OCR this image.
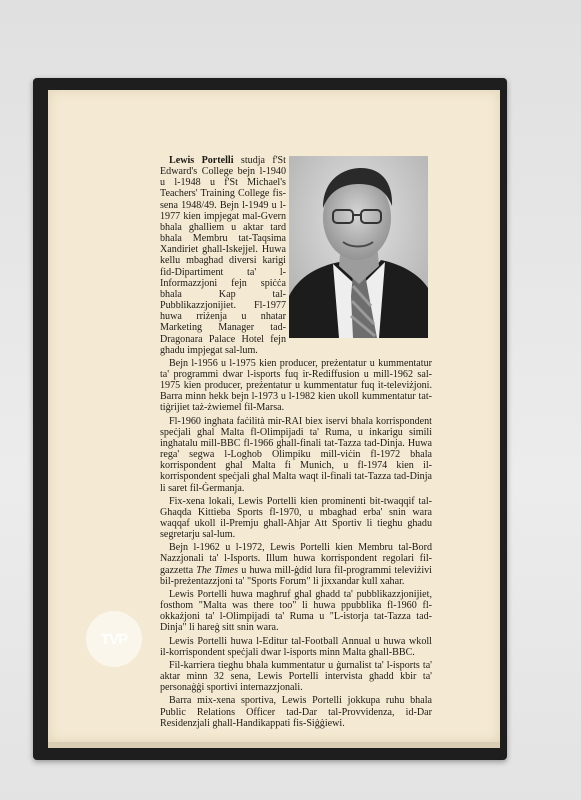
Lewis Portelli studja f'St Edward's College bejn l-1940 u l-1948 u f'St Michael's Teachers' Training College fis-sena 1948/49. Bejn l-1949 u l-1977 kien impjegat mal-Gvern bhala ghalliem u aktar tard bhala Membru tat-Taqsima Xandiriet ghall-Iskejjel. Huwa kellu mbaghad diversi karigi fid-Dipartiment ta' l-Informazzjoni fejn spiċċa bhala Kap tal-Pubblikazzjonijiet. Fl-1977 huwa rriżenja u nhatar Marketing Manager tad-Dragonara Palace Hotel fejn ghadu impjegat sal-lum.

Bejn l-1956 u l-1975 kien producer, preżentatur u kummentatur ta' programmi dwar l-isports fuq ir-Rediffusion u mill-1962 sal-1975 kien producer, preżentatur u kummentatur fuq it-televiżjoni. Barra minn hekk bejn l-1973 u l-1982 kien ukoll kummentatur tat-tiġrijiet taż-żwiemel fil-Marsa.

Fl-1960 inghata faċilità mir-RAI biex iservi bhala korrispondent speċjali ghal Malta fl-Olimpijadi ta' Ruma, u inkarigu simili inghatalu mill-BBC fl-1966 ghall-finali tat-Tazza tad-Dinja. Huwa rega' segwa l-Loghob Olimpiku mill-viċin fl-1972 bhala korrispondent ghal Malta fi Munich, u fl-1974 kien il-korrispondent speċjali ghal Malta waqt il-finali tat-Tazza tad-Dinja li saret fil-Ġermanja.

Fix-xena lokali, Lewis Portelli kien prominenti bit-twaqqif tal-Ghaqda Kittieba Sports fl-1970, u mbaghad erba' snin wara waqqaf ukoll il-Premju ghall-Ahjar Att Sportiv li tieghu ghadu segretarju sal-lum.

Bejn l-1962 u l-1972, Lewis Portelli kien Membru tal-Bord Nazzjonali ta' l-Isports. Illum huwa korrispondent regolari fil-gazzetta The Times u huwa mill-ġdid lura fil-programmi televiżivi bil-preżentazzjoni ta' "Sports Forum" li jixxandar kull xahar.

Lewis Portelli huwa maghruf ghal ghadd ta' pubblikazzjonijiet, fosthom "Malta was there too" li huwa ppubblika fl-1960 fl-okkażjoni ta' l-Olimpijadi ta' Ruma u "L-istorja tat-Tazza tad-Dinja" li hareġ sitt snin wara.

Lewis Portelli huwa l-Editur tal-Football Annual u huwa wkoll il-korrispondent speċjali dwar l-isports minn Malta ghall-BBC.

Fil-karriera tieghu bhala kummentatur u ġurnalist ta' l-isports ta' aktar minn 32 sena, Lewis Portelli intervista ghadd kbir ta' personaġġi sportivi internazzjonali.

Barra mix-xena sportiva, Lewis Portelli jokkupa ruhu bhala Public Relations Officer tad-Dar tal-Provvidenza, id-Dar Residenzjali ghall-Handikappati fis-Siġġiewi.

TVP
